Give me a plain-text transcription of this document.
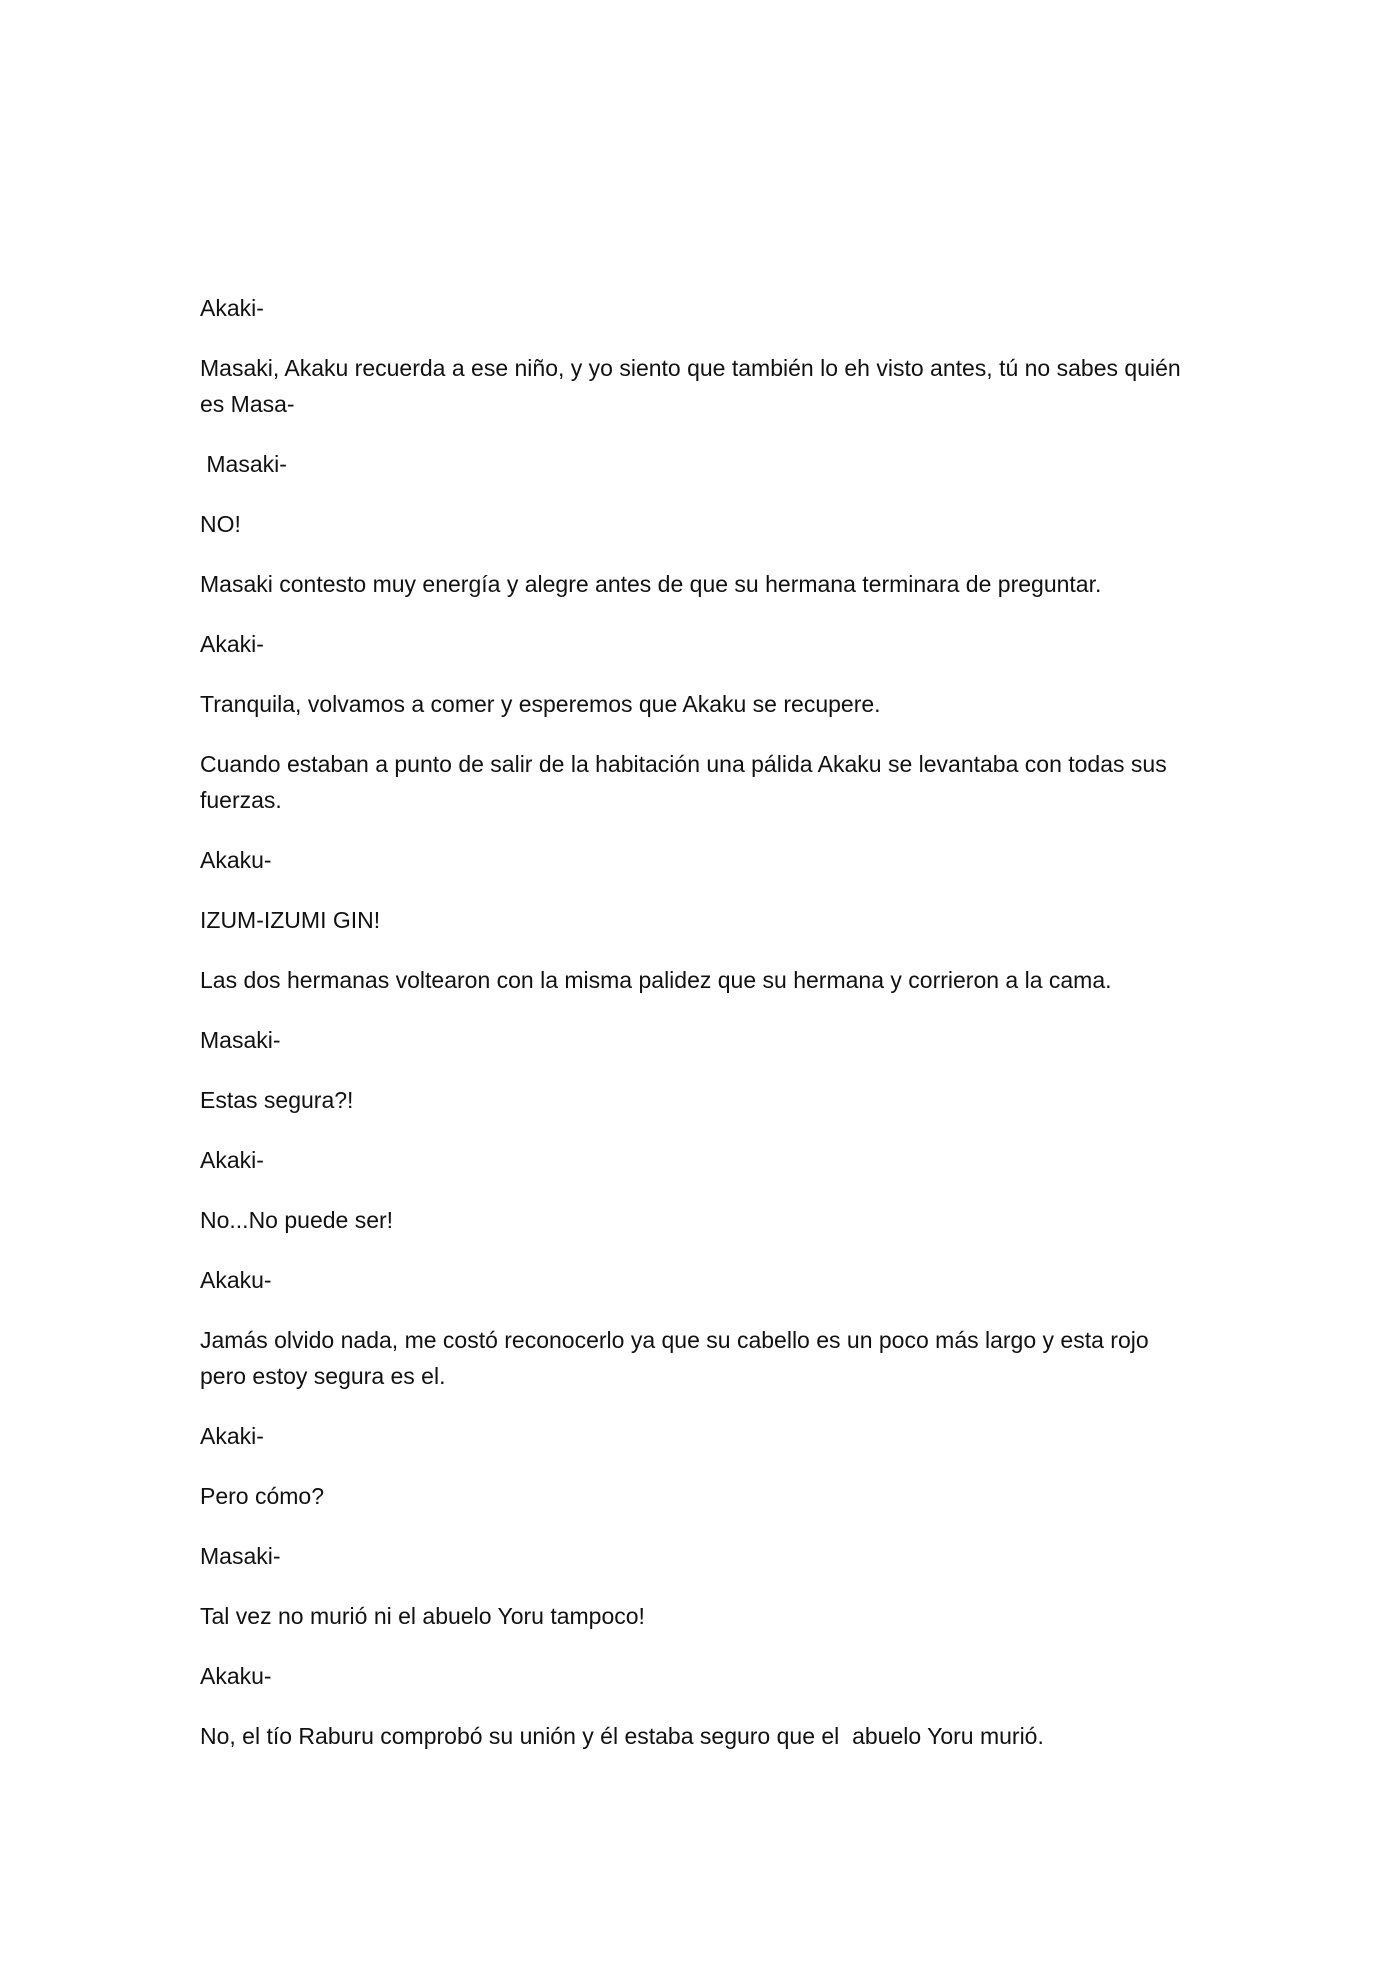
Akaki-

Masaki, Akaku recuerda a ese niño, y yo siento que también lo eh visto antes, tú no sabes quién es Masa-

Masaki-

NO!

Masaki contesto muy energía y alegre antes de que su hermana terminara de preguntar.

Akaki-

Tranquila, volvamos a comer y esperemos que Akaku se recupere.

Cuando estaban a punto de salir de la habitación una pálida Akaku se levantaba con todas sus fuerzas.

Akaku-

IZUM-IZUMI GIN!

Las dos hermanas voltearon con la misma palidez que su hermana y corrieron a la cama.

Masaki-

Estas segura?!

Akaki-

No...No puede ser!

Akaku-

Jamás olvido nada, me costó reconocerlo ya que su cabello es un poco más largo y esta rojo pero estoy segura es el.

Akaki-

Pero cómo?

Masaki-

Tal vez no murió ni el abuelo Yoru tampoco!

Akaku-

No, el tío Raburu comprobó su unión y él estaba seguro que el  abuelo Yoru murió.
